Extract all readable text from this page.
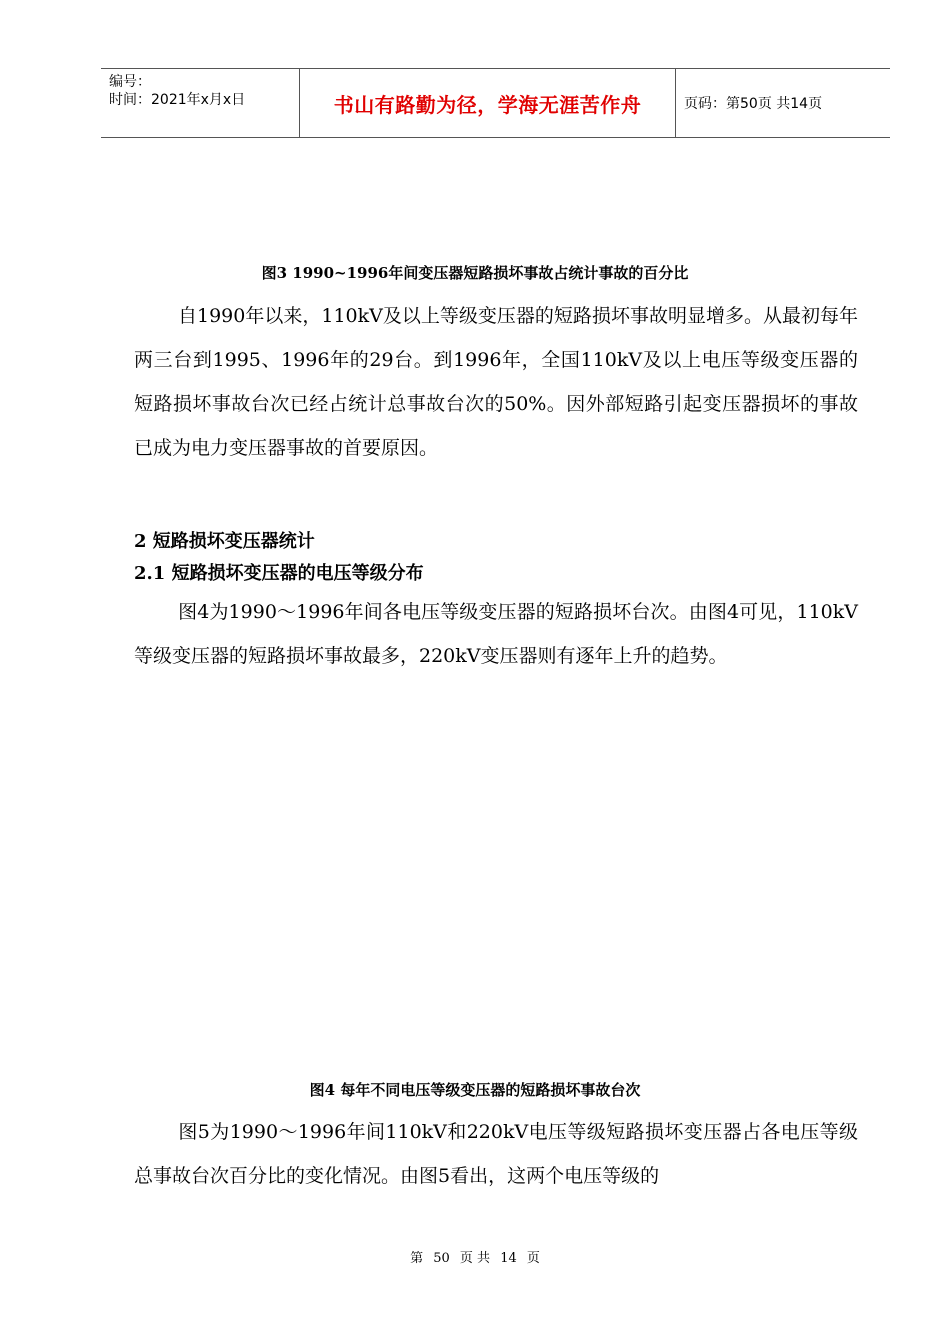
编号：
时间：2021年x月x日	书山有路勤为径，学海无涯苦作舟	页码：第50页 共14页
图3 1990~1996年间变压器短路损坏事故占统计事故的百分比
自1990年以来，110kV及以上等级变压器的短路损坏事故明显增多。从最初每年两三台到1995、1996年的29台。到1996年，全国110kV及以上电压等级变压器的短路损坏事故台次已经占统计总事故台次的50%。因外部短路引起变压器损坏的事故已成为电力变压器事故的首要原因。
2 短路损坏变压器统计
2.1 短路损坏变压器的电压等级分布
图4为1990～1996年间各电压等级变压器的短路损坏台次。由图4可见，110kV等级变压器的短路损坏事故最多，220kV变压器则有逐年上升的趋势。
图4 每年不同电压等级变压器的短路损坏事故台次
图5为1990～1996年间110kV和220kV电压等级短路损坏变压器占各电压等级总事故台次百分比的变化情况。由图5看出，这两个电压等级的
第 50 页 共 14 页
